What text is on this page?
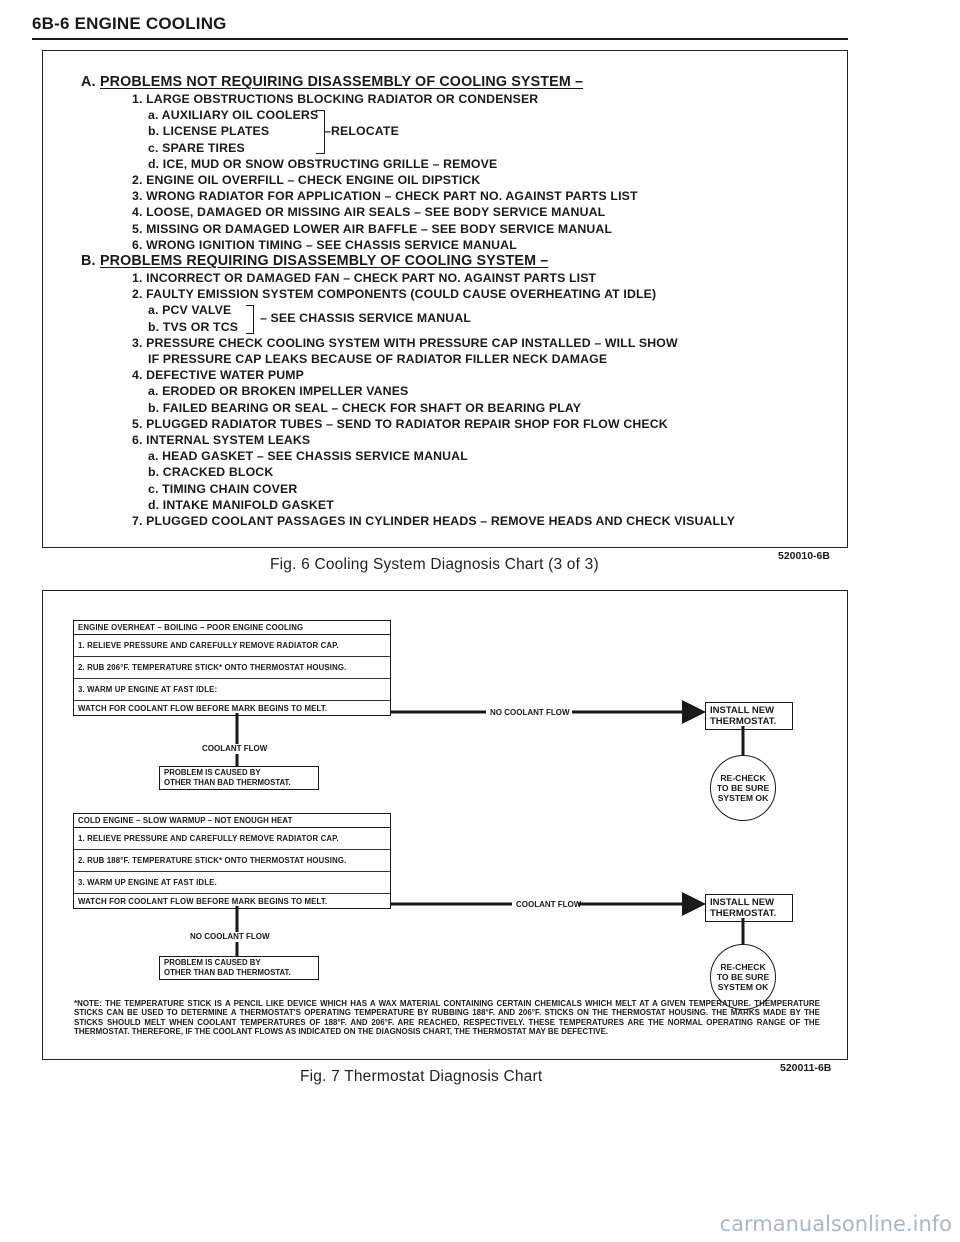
6B-6 ENGINE COOLING
A. PROBLEMS NOT REQUIRING DISASSEMBLY OF COOLING SYSTEM –
1. LARGE OBSTRUCTIONS BLOCKING RADIATOR OR CONDENSER
a. AUXILIARY OIL COOLERS
b. LICENSE PLATES
c. SPARE TIRES
–RELOCATE
d. ICE, MUD OR SNOW OBSTRUCTING GRILLE – REMOVE
2. ENGINE OIL OVERFILL – CHECK ENGINE OIL DIPSTICK
3. WRONG RADIATOR FOR APPLICATION – CHECK PART NO. AGAINST PARTS LIST
4. LOOSE, DAMAGED OR MISSING AIR SEALS – SEE BODY SERVICE MANUAL
5. MISSING OR DAMAGED LOWER AIR BAFFLE – SEE BODY SERVICE MANUAL
6. WRONG IGNITION TIMING – SEE CHASSIS SERVICE MANUAL
B. PROBLEMS REQUIRING DISASSEMBLY OF COOLING SYSTEM –
1. INCORRECT OR DAMAGED FAN – CHECK PART NO. AGAINST PARTS LIST
2. FAULTY EMISSION SYSTEM COMPONENTS (COULD CAUSE OVERHEATING AT IDLE)
a. PCV VALVE
b. TVS OR TCS
– SEE CHASSIS SERVICE MANUAL
3. PRESSURE CHECK COOLING SYSTEM WITH PRESSURE CAP INSTALLED – WILL SHOW
IF PRESSURE CAP LEAKS BECAUSE OF RADIATOR FILLER NECK DAMAGE
4. DEFECTIVE WATER PUMP
a. ERODED OR BROKEN IMPELLER VANES
b. FAILED BEARING OR SEAL – CHECK FOR SHAFT OR BEARING PLAY
5. PLUGGED RADIATOR TUBES – SEND TO RADIATOR REPAIR SHOP FOR FLOW CHECK
6. INTERNAL SYSTEM LEAKS
a. HEAD GASKET – SEE CHASSIS SERVICE MANUAL
b. CRACKED BLOCK
c. TIMING CHAIN COVER
d. INTAKE MANIFOLD GASKET
7. PLUGGED COOLANT PASSAGES IN CYLINDER HEADS – REMOVE HEADS AND CHECK VISUALLY
520010-6B
Fig. 6 Cooling System Diagnosis Chart (3 of 3)
ENGINE OVERHEAT – BOILING – POOR ENGINE COOLING
1. RELIEVE PRESSURE AND CAREFULLY REMOVE RADIATOR CAP.
2. RUB 206°F. TEMPERATURE STICK* ONTO THERMOSTAT HOUSING.
3. WARM UP ENGINE AT FAST IDLE:
WATCH FOR COOLANT FLOW BEFORE MARK BEGINS TO MELT.	NO COOLANT FLOW
COOLANT FLOW
PROBLEM IS CAUSED BY
OTHER THAN BAD THERMOSTAT.
INSTALL NEW
THERMOSTAT.
RE-CHECK
TO BE SURE
SYSTEM OK
COLD ENGINE – SLOW WARMUP – NOT ENOUGH HEAT
1. RELIEVE PRESSURE AND CAREFULLY REMOVE RADIATOR CAP.
2. RUB 188°F. TEMPERATURE STICK* ONTO THERMOSTAT HOUSING.
3. WARM UP ENGINE AT FAST IDLE.
WATCH FOR COOLANT FLOW BEFORE MARK BEGINS TO MELT.	COOLANT FLOW
NO COOLANT FLOW
PROBLEM IS CAUSED BY
OTHER THAN BAD THERMOSTAT.
INSTALL NEW
THERMOSTAT.
RE-CHECK
TO BE SURE
SYSTEM OK
*NOTE: THE TEMPERATURE STICK IS A PENCIL LIKE DEVICE WHICH HAS A WAX MATERIAL CONTAINING CERTAIN CHEMICALS WHICH MELT AT A GIVEN TEMPERATURE. THEMPERATURE STICKS CAN BE USED TO DETERMINE A THERMOSTAT'S OPERATING TEMPERATURE BY RUBBING 188°F. AND 206°F. STICKS ON THE THERMOSTAT HOUSING. THE MARKS MADE BY THE STICKS SHOULD MELT WHEN COOLANT TEMPERATURES OF 188°F. AND 206°F. ARE REACHED, RESPECTIVELY. THESE TEMPERATURES ARE THE NORMAL OPERATING RANGE OF THE THERMOSTAT. THEREFORE, IF THE COOLANT FLOWS AS INDICATED ON THE DIAGNOSIS CHART, THE THERMOSTAT MAY BE DEFECTIVE.
520011-6B
Fig. 7 Thermostat Diagnosis Chart
carmanualsonline.info
